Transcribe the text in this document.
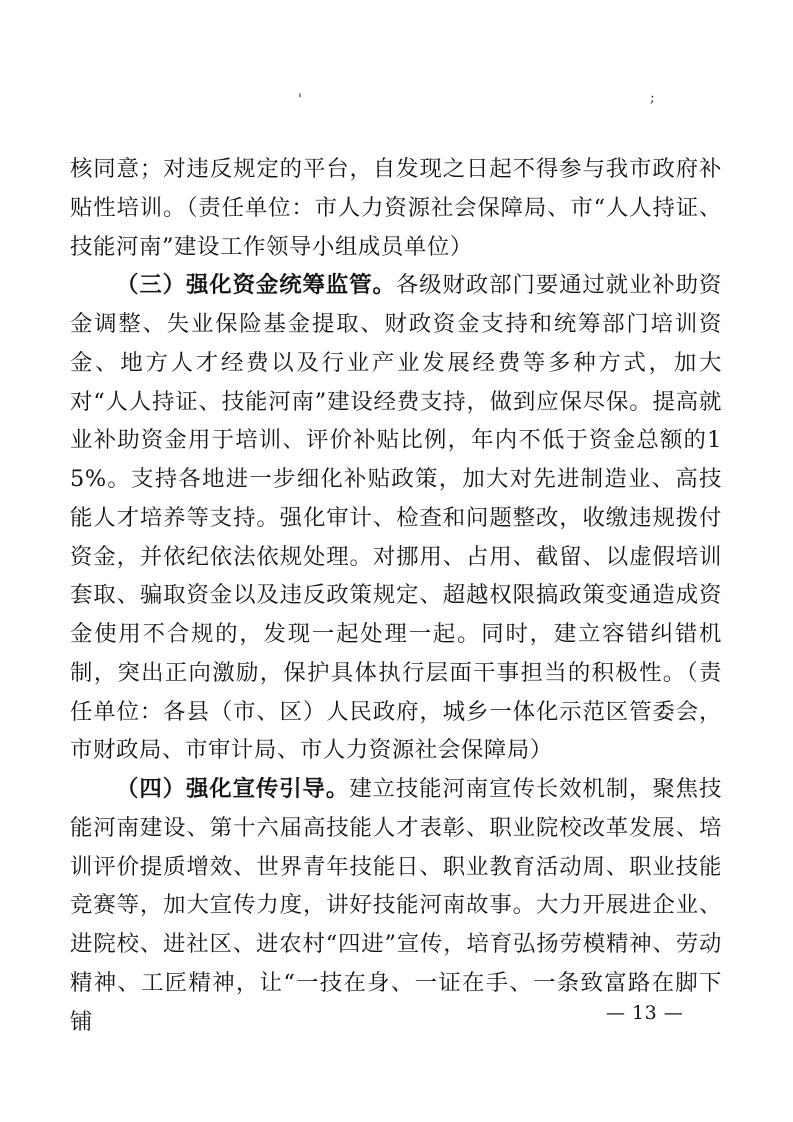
'	;

核同意；对违反规定的平台，自发现之日起不得参与我市政府补贴性培训。（责任单位：市人力资源社会保障局、市“人人持证、技能河南”建设工作领导小组成员单位）

（三）强化资金统筹监管。各级财政部门要通过就业补助资金调整、失业保险基金提取、财政资金支持和统筹部门培训资金、地方人才经费以及行业产业发展经费等多种方式，加大对“人人持证、技能河南”建设经费支持，做到应保尽保。提高就业补助资金用于培训、评价补贴比例，年内不低于资金总额的15%。支持各地进一步细化补贴政策，加大对先进制造业、高技能人才培养等支持。强化审计、检查和问题整改，收缴违规拨付资金，并依纪依法依规处理。对挪用、占用、截留、以虚假培训套取、骗取资金以及违反政策规定、超越权限搞政策变通造成资金使用不合规的，发现一起处理一起。同时，建立容错纠错机制，突出正向激励，保护具体执行层面干事担当的积极性。（责任单位：各县（市、区）人民政府，城乡一体化示范区管委会，市财政局、市审计局、市人力资源社会保障局）

（四）强化宣传引导。建立技能河南宣传长效机制，聚焦技能河南建设、第十六届高技能人才表彰、职业院校改革发展、培训评价提质增效、世界青年技能日、职业教育活动周、职业技能竞赛等，加大宣传力度，讲好技能河南故事。大力开展进企业、进院校、进社区、进农村“四进”宣传，培育弘扬劳模精神、劳动精神、工匠精神，让“一技在身、一证在手、一条致富路在脚下铺	— 13 —
